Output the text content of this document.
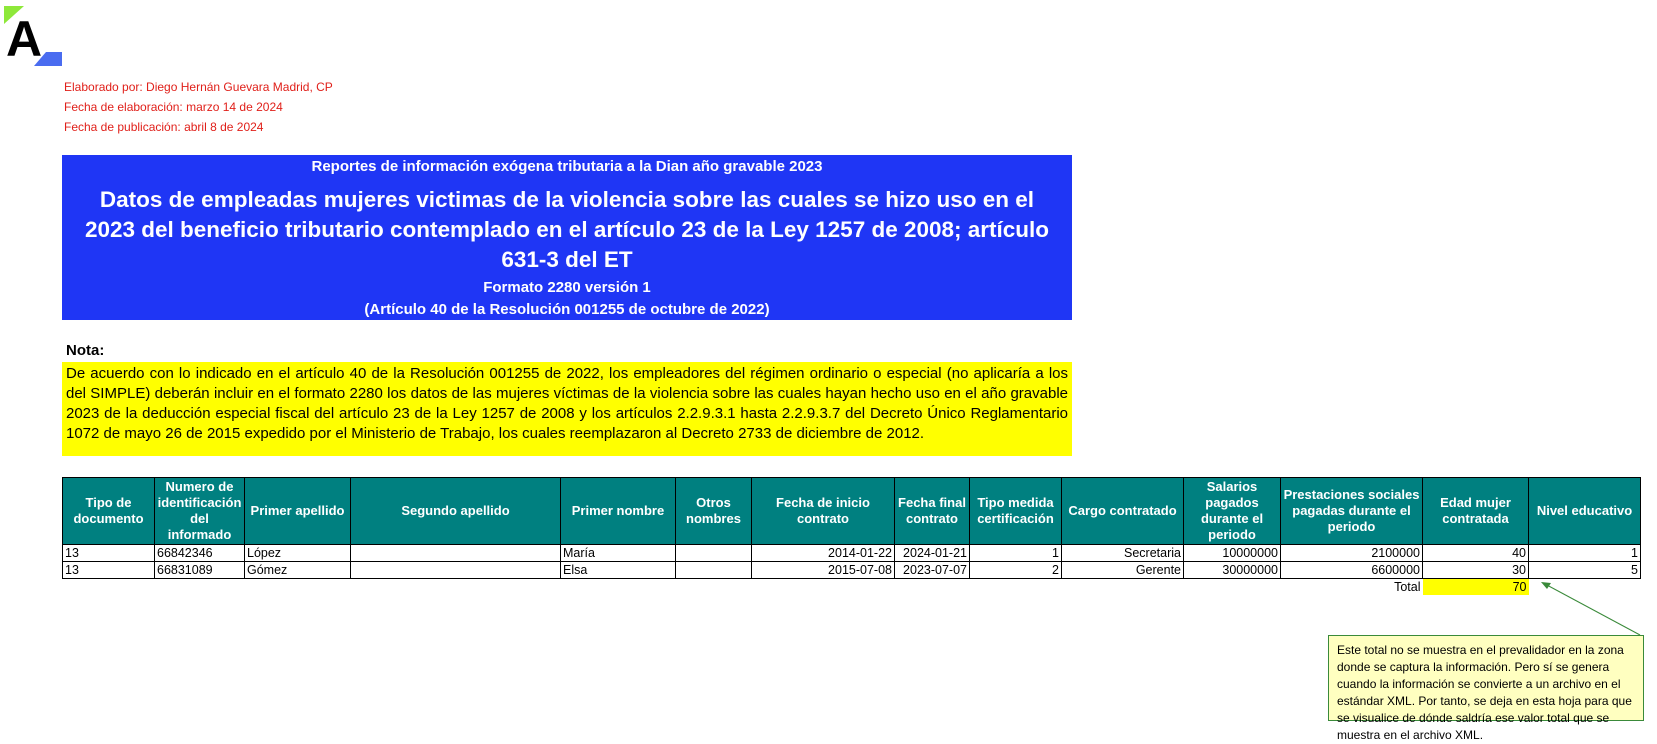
A
Elaborado por: Diego Hernán Guevara Madrid, CP
Fecha de elaboración: marzo 14 de 2024
Fecha de publicación: abril 8 de 2024
Reportes de información exógena tributaria a la Dian año gravable 2023
Datos de empleadas mujeres victimas de la violencia sobre las cuales se hizo uso en el 2023 del beneficio tributario contemplado en el artículo 23 de la Ley 1257 de 2008; artículo 631-3 del ET
Formato 2280 versión 1
(Artículo 40 de la Resolución 001255 de octubre de 2022)
Nota:
De acuerdo con lo indicado en el artículo 40 de la Resolución 001255 de 2022, los empleadores del régimen ordinario o especial (no aplicaría a los del SIMPLE) deberán incluir en el formato 2280 los datos de las mujeres víctimas de la violencia sobre las cuales hayan hecho uso en el año gravable 2023 de la deducción especial fiscal del artículo 23 de la Ley 1257 de 2008 y los artículos 2.2.9.3.1 hasta 2.2.9.3.7 del Decreto Único Reglamentario 1072 de mayo 26 de 2015 expedido por el Ministerio de Trabajo, los cuales reemplazaron al Decreto 2733 de diciembre de 2012.
Tipo de documento	Numero de identificación del informado	Primer apellido	Segundo apellido	Primer nombre	Otros nombres	Fecha de inicio contrato	Fecha final contrato	Tipo medida certificación	Cargo contratado	Salarios pagados durante el periodo	Prestaciones sociales pagadas durante el periodo	Edad mujer contratada	Nivel educativo
13	66842346	López		María		2014-01-22	2024-01-21	1	Secretaria	10000000	2100000	40	1
13	66831089	Gómez		Elsa		2015-07-08	2023-07-07	2	Gerente	30000000	6600000	30	5
											Total	70	
Este total no se muestra en el prevalidador en la zona donde se captura la información. Pero sí se genera cuando la información se convierte a un archivo en el estándar XML. Por tanto, se deja en esta hoja para que se visualice de dónde saldría ese valor total que se muestra en el archivo XML.
